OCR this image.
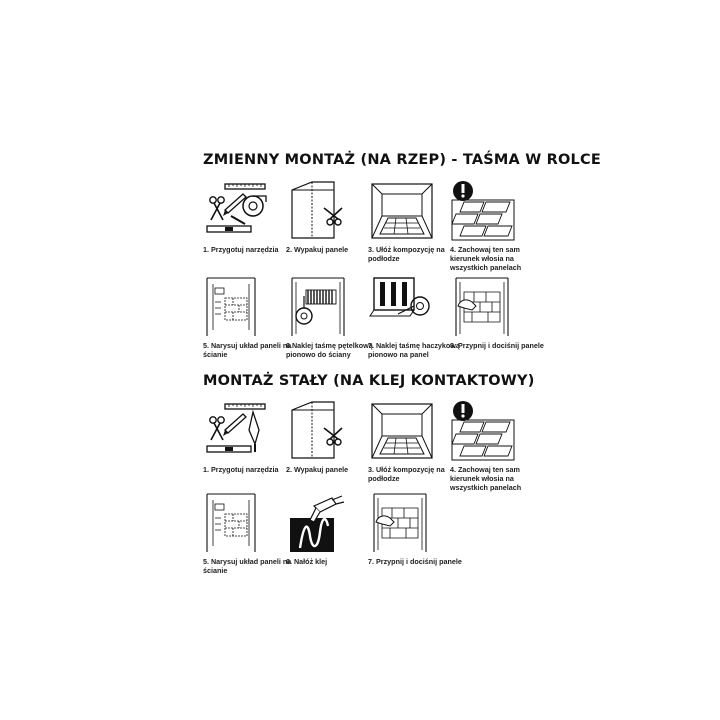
ZMIENNY MONTAŻ (NA RZEP) - TAŚMA W ROLCE
1. Przygotuj narzędzia	2. Wypakuj panele	3. Ułóż kompozycję na podłodze
4. Zachowaj ten sam kierunek włosia na wszystkich panelach
5. Narysuj układ paneli na ścianie
6.Naklej taśmę pętelkową pionowo do ściany
7. Naklej taśmę haczykową pionowo na panel
8. Przypnij i dociśnij panele
MONTAŻ STAŁY (NA KLEJ KONTAKTOWY)
1. Przygotuj narzędzia	2. Wypakuj panele	3. Ułóż kompozycję na podłodze
4. Zachowaj ten sam kierunek włosia na wszystkich panelach
5. Narysuj układ paneli na ścianie
6. Nałóż klej	7. Przypnij i dociśnij panele
